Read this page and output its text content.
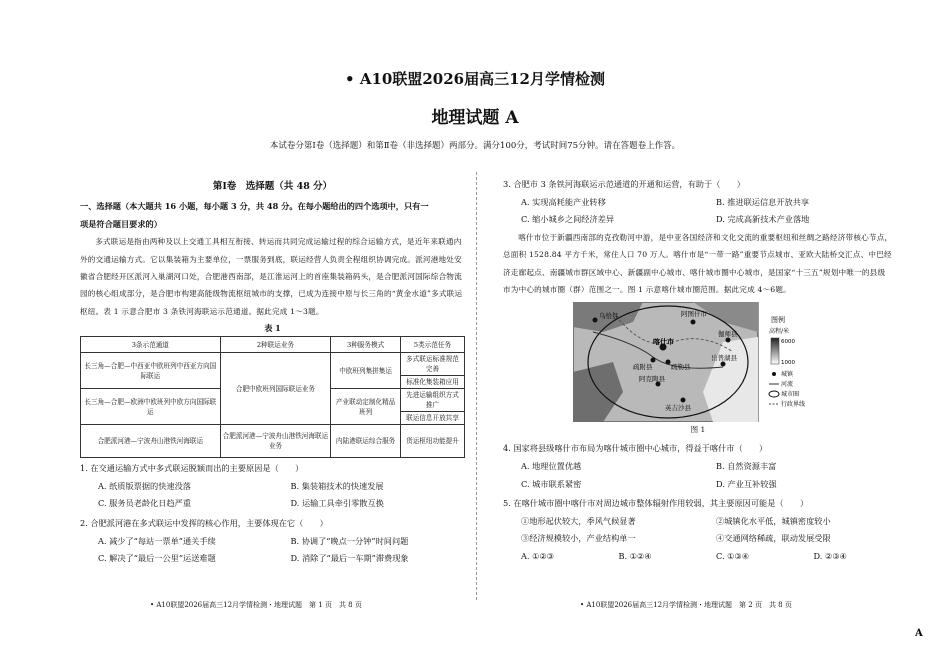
• A10联盟2026届高三12月学情检测
地理试题 A
本试卷分第Ⅰ卷（选择题）和第Ⅱ卷（非选择题）两部分。满分100分，考试时间75分钟。请在答题卷上作答。
第Ⅰ卷　选择题（共 48 分）
一、选择题（本大题共 16 小题，每小题 3 分，共 48 分。在每小题给出的四个选项中，只有一
项是符合题目要求的）
多式联运是指由两种及以上交通工具相互衔接、转运而共同完成运输过程的综合运输方式，是近年来联通内外的交通运输方式。它以集装箱为主要单位，一票服务到底，联运经营人负责全程组织协调完成。派河港地处安徽省合肥经开区派河入巢湖河口处，合肥港西南部，是江淮运河上的首座集装箱码头，是合肥派河国际综合物流园的核心组成部分，是合肥市构建高能级物流枢纽城市的支撑，已成为连接中原与长三角的“黄金水道”多式联运枢纽。表 1 示意合肥市 3 条铁河海联运示范通道。据此完成 1～3题。
表 1
3条示范通道	2种联运业务	3种服务模式	5类示范任务
长三角—合肥—中西亚中欧班列中西亚方向国际联运	合肥中欧班列国际联运业务	中欧班列集拼集运	多式联运标准规范完善
			标准化集装箱应用
长三角—合肥—欧洲中欧班列中欧方向国际联运		产业联动定制化精品班列	先进运输组织方式推广
			联运信息开放共享
合肥派河港—宁波舟山港铁河海联运	合肥派河港—宁波舟山港铁河海联运业务	内陆港联运综合服务	货运枢纽功能提升
1. 在交通运输方式中多式联运脱颖而出的主要原因是（　　）
A. 纸质版票据的快速没落	B. 集装箱技术的快速发展
C. 服务员老龄化日趋严重	D. 运输工具牵引零散互换
2. 合肥派河港在多式联运中发挥的核心作用，主要体现在它（　　）
A. 减少了“每站一票单”通关手续	B. 协调了“晚点一分钟”时间问题
C. 解决了“最后一公里”运送难题	D. 消除了“最后一车期”滞费现象
3. 合肥市 3 条铁河海联运示范通道的开通和运营，有助于（　　）
A. 实现高耗能产业转移	B. 推进联运信息开放共享
C. 缩小城乡之间经济差异	D. 完成高新技术产业落地
喀什市位于新疆西南部的克孜勒河中游，是中亚各国经济和文化交流的重要枢纽和丝绸之路经济带核心节点，总面积 1528.84 平方千米，常住人口 70 万人。喀什市是“一带一路”重要节点城市、亚欧大陆桥交汇点、中巴经济走廊起点、南疆城市群区域中心、新疆副中心城市、喀什城市圈中心城市，是国家“十三五”规划中唯一的县级市为中心的城市圈（群）范围之一。图 1 示意喀什城市圈范围。据此完成 4～6题。
乌恰县	阿图什市
喀什市
疏附县	疏勒县
伽师县
岳普湖县
阿克陶县
英吉沙县
图例
高程/米
6000
1000
城镇
河流
城市圈
行政界线
图 1
4. 国家将县级喀什市布局为喀什城市圈中心城市，得益于喀什市（　　）
A. 地理位置优越	B. 自然资源丰富
C. 城市联系紧密	D. 产业互补较强
5. 在喀什城市圈中喀什市对周边城市整体辐射作用较弱，其主要原因可能是（　　）
①地形起伏较大，季风气候显著	②城镇化水平低，城镇密度较小
③经济规模较小，产业结构单一	④交通网络稀疏，联动发展受限
A. ①②③	B. ①②④	C. ①③④	D. ②③④
• A10联盟2026届高三12月学情检测・地理试题　第 1 页　共 8 页	• A10联盟2026届高三12月学情检测・地理试题　第 2 页　共 8 页
A
